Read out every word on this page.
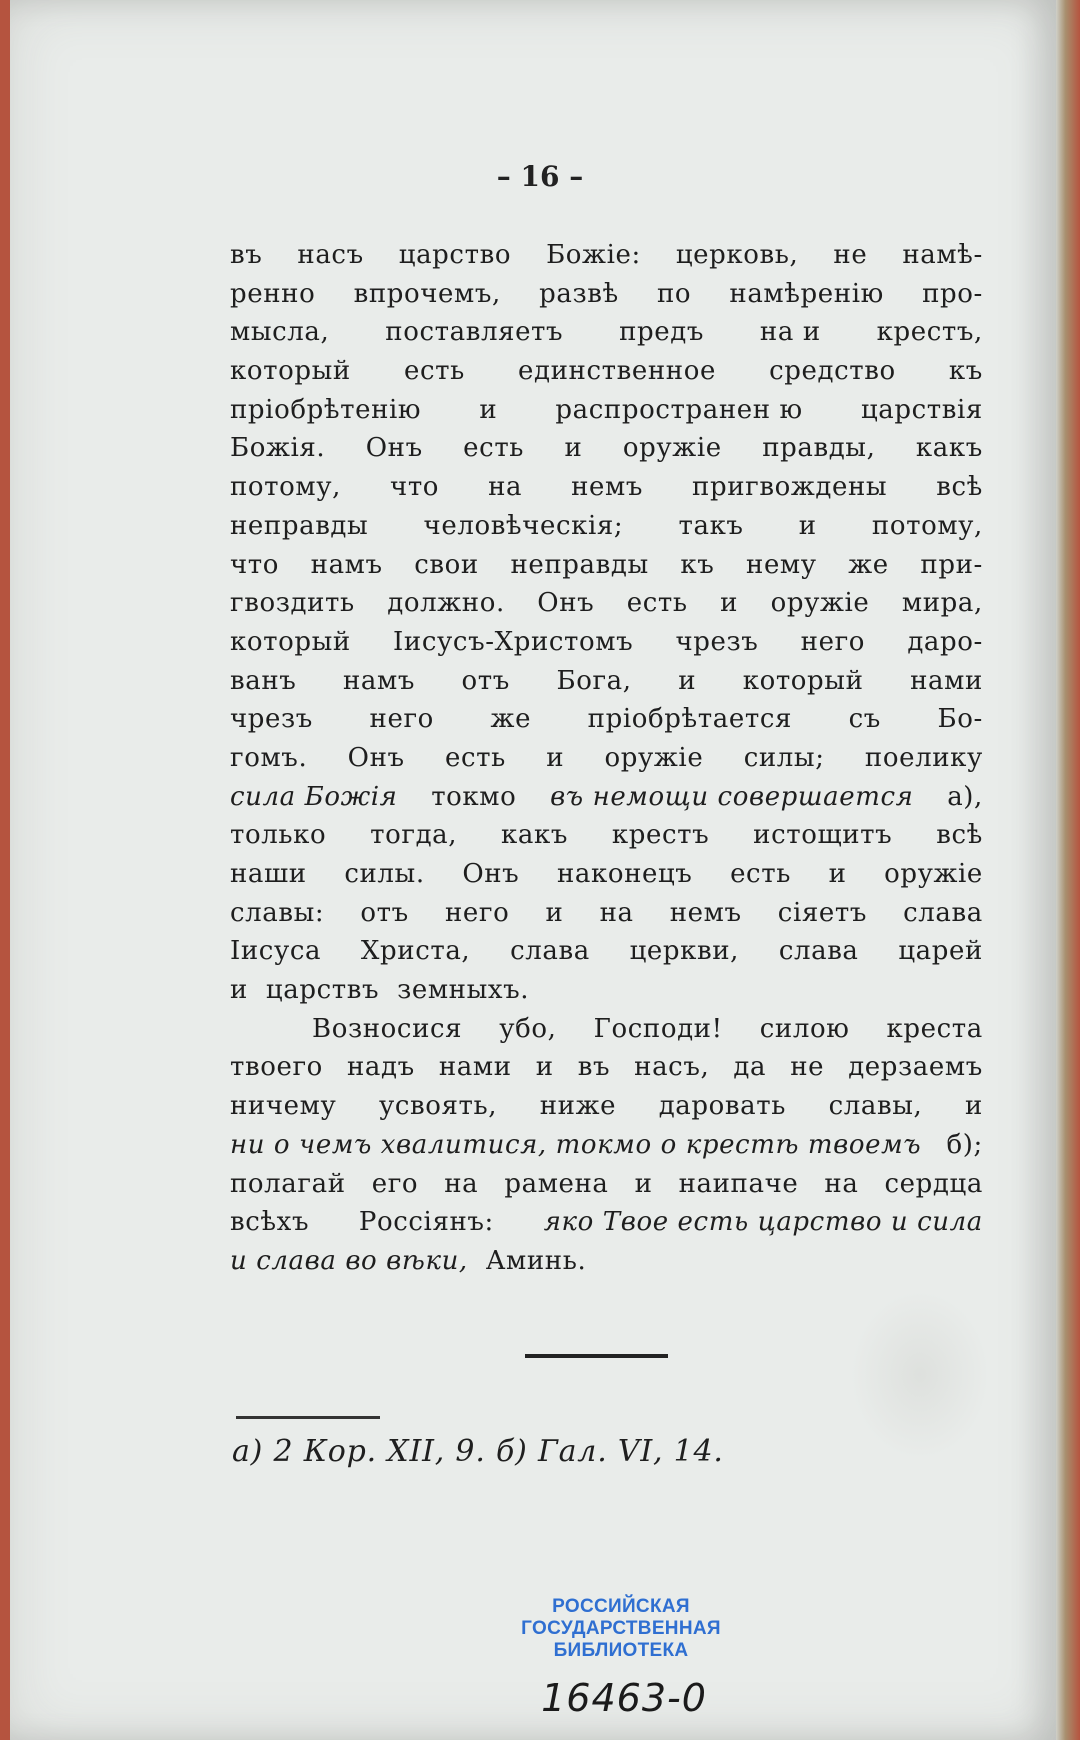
– 16 –
въ насъ царство Божіе: церковь, не намѣ-
ренно впрочемъ, развѣ по намѣренію про-
мысла, поставляетъ предъ на и крестъ,
который есть единственное средство къ
пріобрѣтенію и распространен ю царствія
Божія. Онъ есть и оружіе правды, какъ
потому, что на немъ пригвождены всѣ
неправды человѣческія; такъ и потому,
что намъ свои неправды къ нему же при-
гвоздить должно. Онъ есть и оружіе мира,
который Іисусъ-Христомъ чрезъ него даро-
ванъ намъ отъ Бога, и который нами
чрезъ него же пріобрѣтается съ Бо-
гомъ. Онъ есть и оружіе силы; поелику
сила Божія токмо въ немощи совершается а),
только тогда, какъ крестъ истощитъ всѣ
наши силы. Онъ наконецъ есть и оружіе
славы: отъ него и на немъ сіяетъ слава
Іисуса Христа, слава церкви, слава царей
и царствъ земныхъ.
Возносися убо, Господи! силою креста
твоего надъ нами и въ насъ, да не дерзаемъ
ничему усвоять, ниже даровать славы, и
ни о чемъ хвалитися, токмо о крестѣ твоемъ б);
полагай его на рамена и наипаче на сердца
всѣхъ Россіянъ: яко Твое есть царство и сила
и слава во вѣки, Аминь.
а) 2 Кор. XII, 9. б) Гал. VI, 14.
РОССИЙСКАЯ
ГОСУДАРСТВЕННАЯ
БИБЛИОТЕКА
16463-0
